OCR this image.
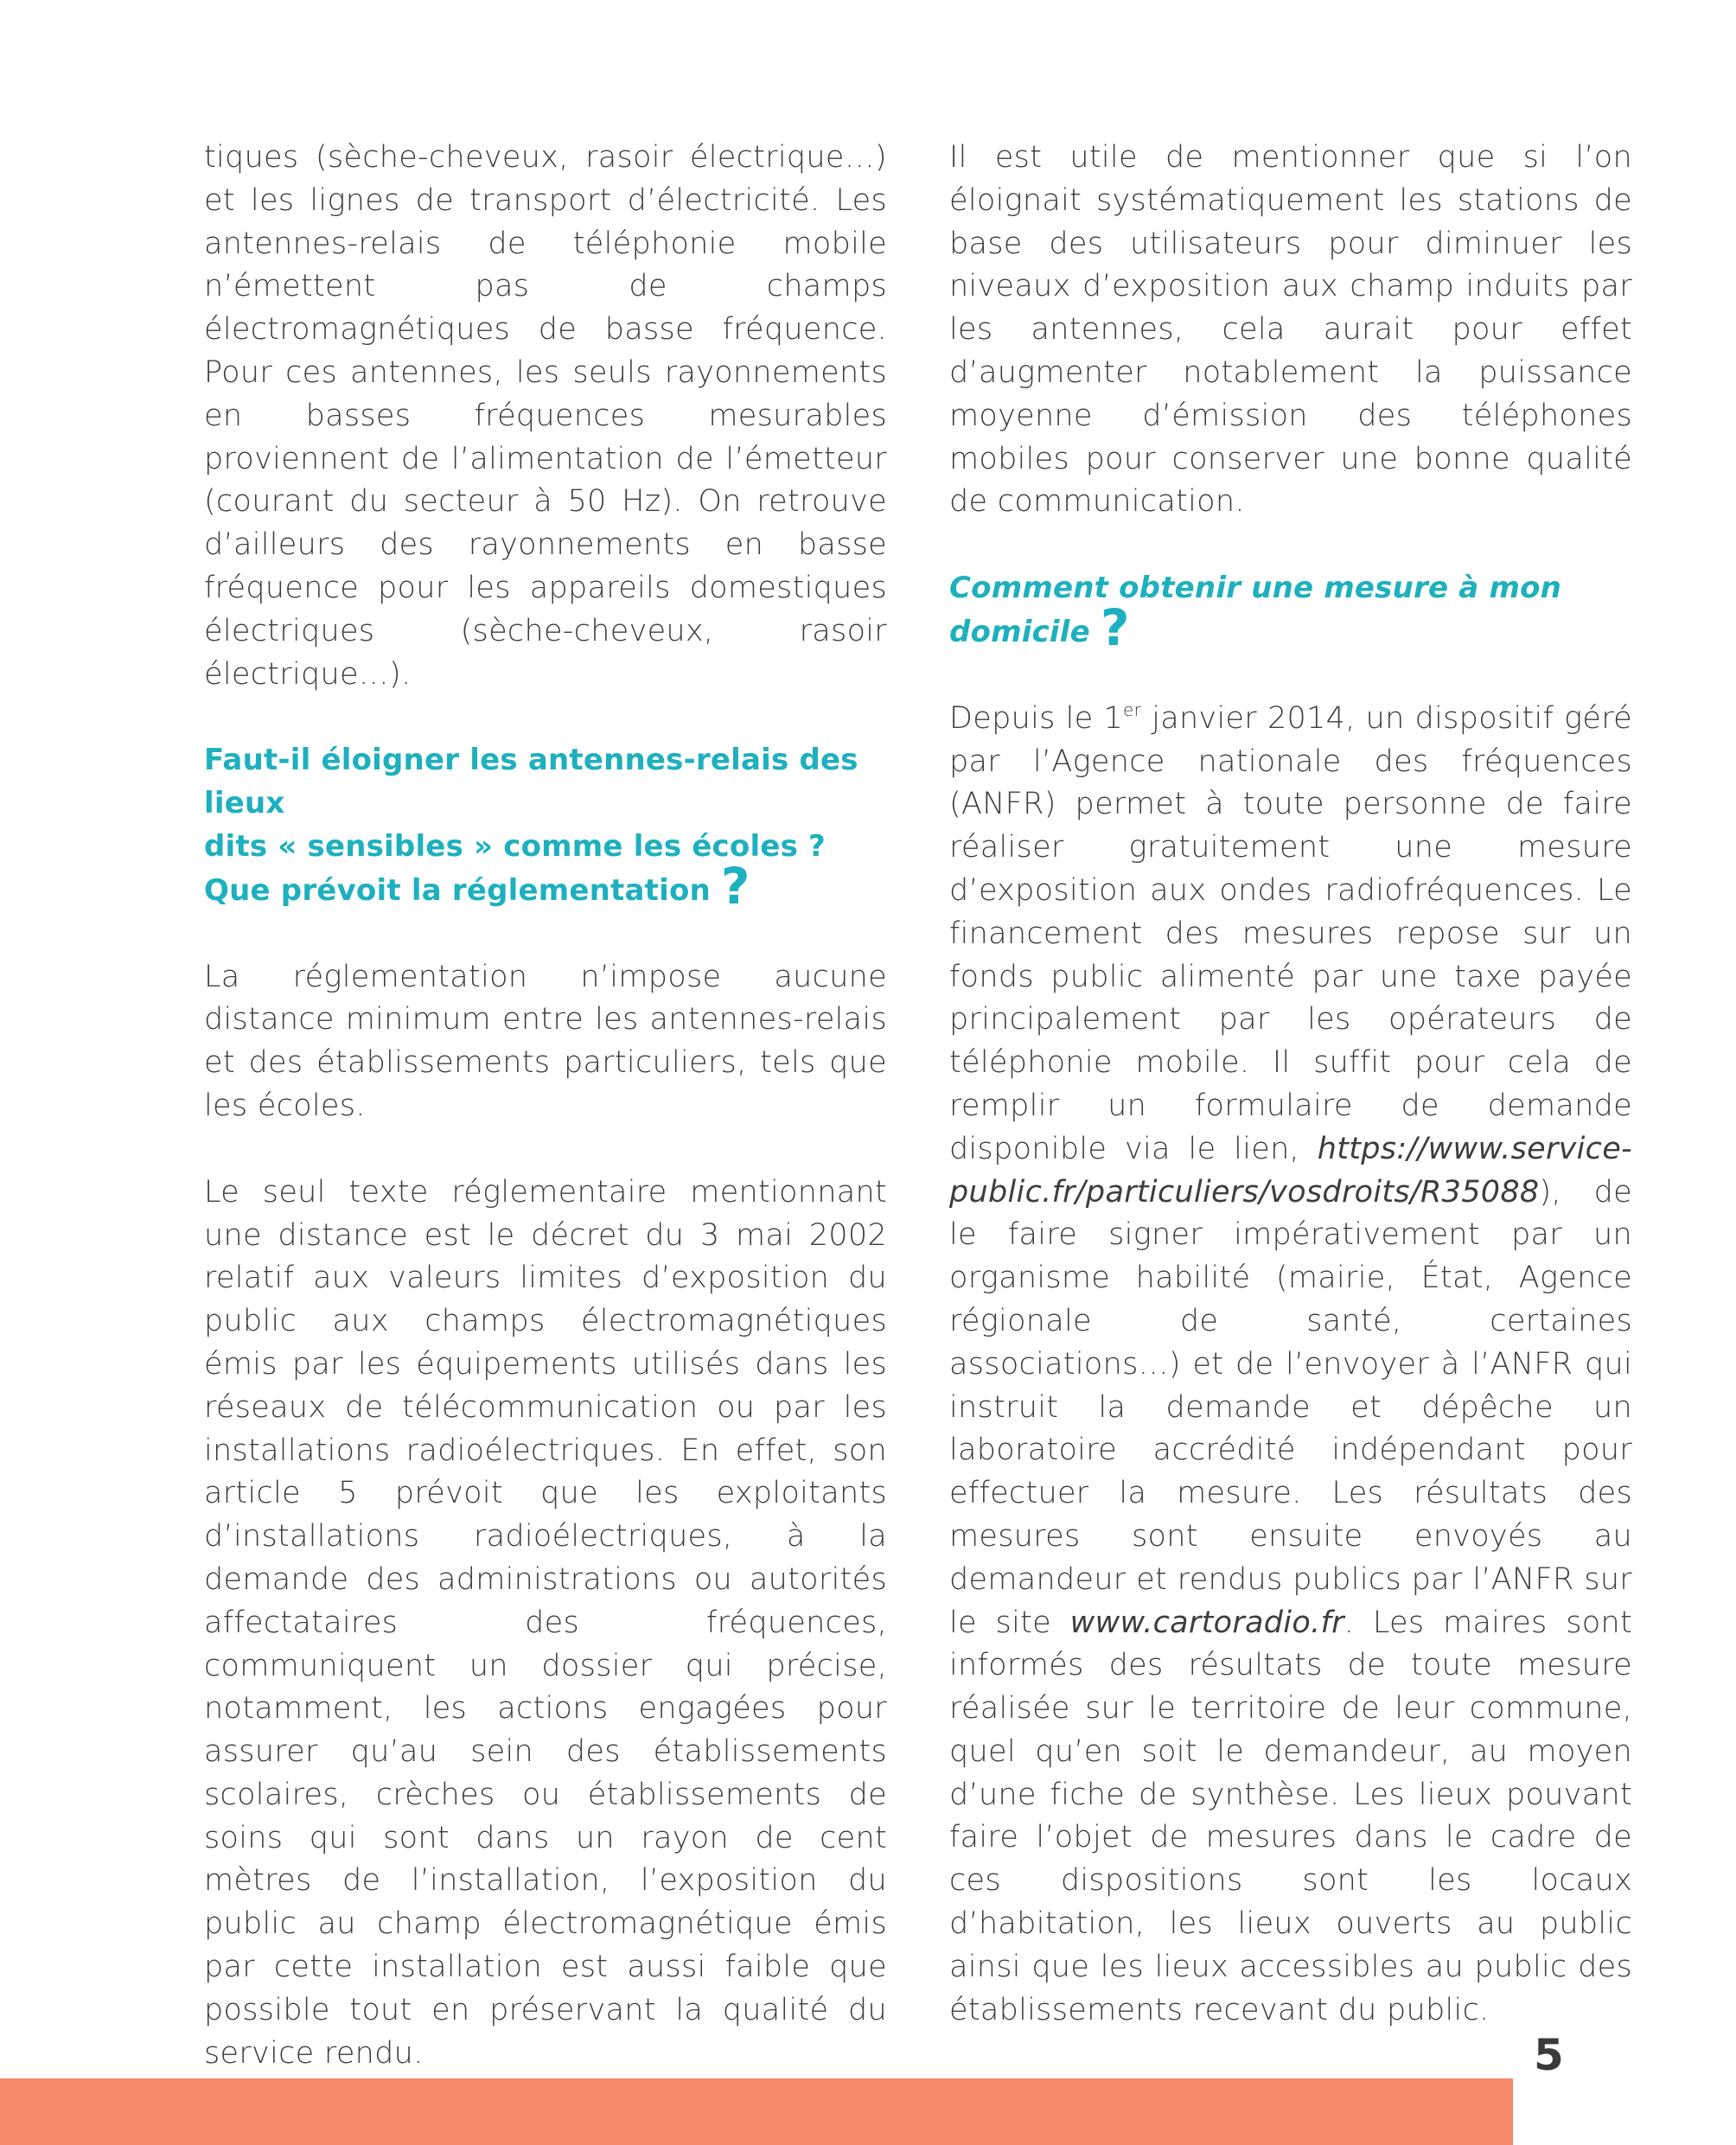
tiques (sèche-cheveux, rasoir électrique…) et les lignes de transport d’électricité. Les antennes-relais de téléphonie mobile n’émettent pas de champs électromagnétiques de basse fréquence. Pour ces antennes, les seuls rayonnements en basses fréquences mesurables proviennent de l’alimentation de l’émetteur (courant du secteur à 50 Hz). On retrouve d’ailleurs des rayonnements en basse fréquence pour les appareils domestiques électriques (sèche-cheveux, rasoir électrique…).

Faut-il éloigner les antennes-relais des lieux
dits « sensibles » comme les écoles ?
Que prévoit la réglementation ?

La réglementation n’impose aucune distance minimum entre les antennes-relais et des établissements particuliers, tels que les écoles.

Le seul texte réglementaire mentionnant une distance est le décret du 3 mai 2002 relatif aux valeurs limites d’exposition du public aux champs électromagnétiques émis par les équipements utilisés dans les réseaux de télécommunication ou par les installations radioélectriques. En effet, son article 5 prévoit que les exploitants d’installations radioélectriques, à la demande des administrations ou autorités affectataires des fréquences, communiquent un dossier qui précise, notamment, les actions engagées pour assurer qu’au sein des établissements scolaires, crèches ou établissements de soins qui sont dans un rayon de cent mètres de l’installation, l’exposition du public au champ électromagnétique émis par cette installation est aussi faible que possible tout en préservant la qualité du service rendu.

Il est utile de mentionner que si l’on éloignait systématiquement les stations de base des utilisateurs pour diminuer les niveaux d’exposition aux champ induits par les antennes, cela aurait pour effet d’augmenter notablement la puissance moyenne d’émission des téléphones mobiles pour conserver une bonne qualité de communication.

Comment obtenir une mesure à mon
domicile ?

Depuis le 1er janvier 2014, un dispositif géré par l’Agence nationale des fréquences (ANFR) permet à toute personne de faire réaliser gratuitement une mesure d’exposition aux ondes radiofréquences. Le financement des mesures repose sur un fonds public alimenté par une taxe payée principalement par les opérateurs de téléphonie mobile. Il suffit pour cela de remplir un formulaire de demande disponible via le lien, https://www.service-public.fr/particuliers/vosdroits/R35088), de le faire signer impérativement par un organisme habilité (mairie, État, Agence régionale de santé, certaines associations…) et de l’envoyer à l’ANFR qui instruit la demande et dépêche un laboratoire accrédité indépendant pour effectuer la mesure. Les résultats des mesures sont ensuite envoyés au demandeur et rendus publics par l’ANFR sur le site www.cartoradio.fr. Les maires sont informés des résultats de toute mesure réalisée sur le territoire de leur commune, quel qu’en soit le demandeur, au moyen d’une fiche de synthèse. Les lieux pouvant faire l’objet de mesures dans le cadre de ces dispositions sont les locaux d’habitation, les lieux ouverts au public ainsi que les lieux accessibles au public des établissements recevant du public.

5
